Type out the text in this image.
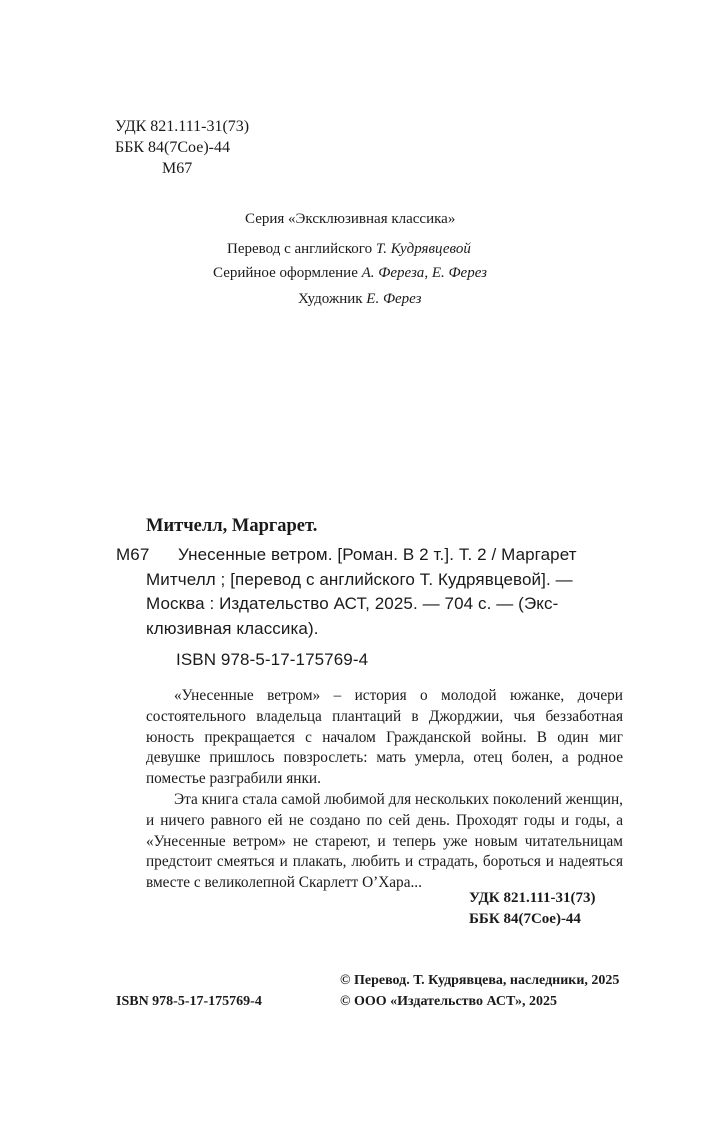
УДК 821.111-31(73)
ББК 84(7Сое)-44
М67
Серия «Эксклюзивная классика»
Перевод с английского Т. Кудрявцевой
Серийное оформление А. Фереза, Е. Ферез
Художник Е. Ферез
Митчелл, Маргарет.
М67 Унесенные ветром. [Роман. В 2 т.]. Т. 2 / Маргарет
Митчелл ; [перевод с английского Т. Кудрявцевой]. —
Москва : Издательство АСТ, 2025. — 704 с. — (Экс-
клюзивная классика).
ISBN 978-5-17-175769-4

«Унесенные ветром» – история о молодой южанке, дочери состоятельного владельца плантаций в Джорджии, чья беззаботная юность прекращается с началом Гражданской войны. В один миг девушке пришлось повзрослеть: мать умерла, отец болен, а родное поместье разграбили янки.

Эта книга стала самой любимой для нескольких поколений женщин, и ничего равного ей не создано по сей день. Проходят годы и годы, а «Унесенные ветром» не стареют, и теперь уже новым читательницам предстоит смеяться и плакать, любить и страдать, бороться и надеяться вместе с великолепной Скарлетт О’Хара...

УДК 821.111-31(73)
ББК 84(7Сое)-44
ISBN 978-5-17-175769-4
© Перевод. Т. Кудрявцева, наследники, 2025
© ООО «Издательство АСТ», 2025
